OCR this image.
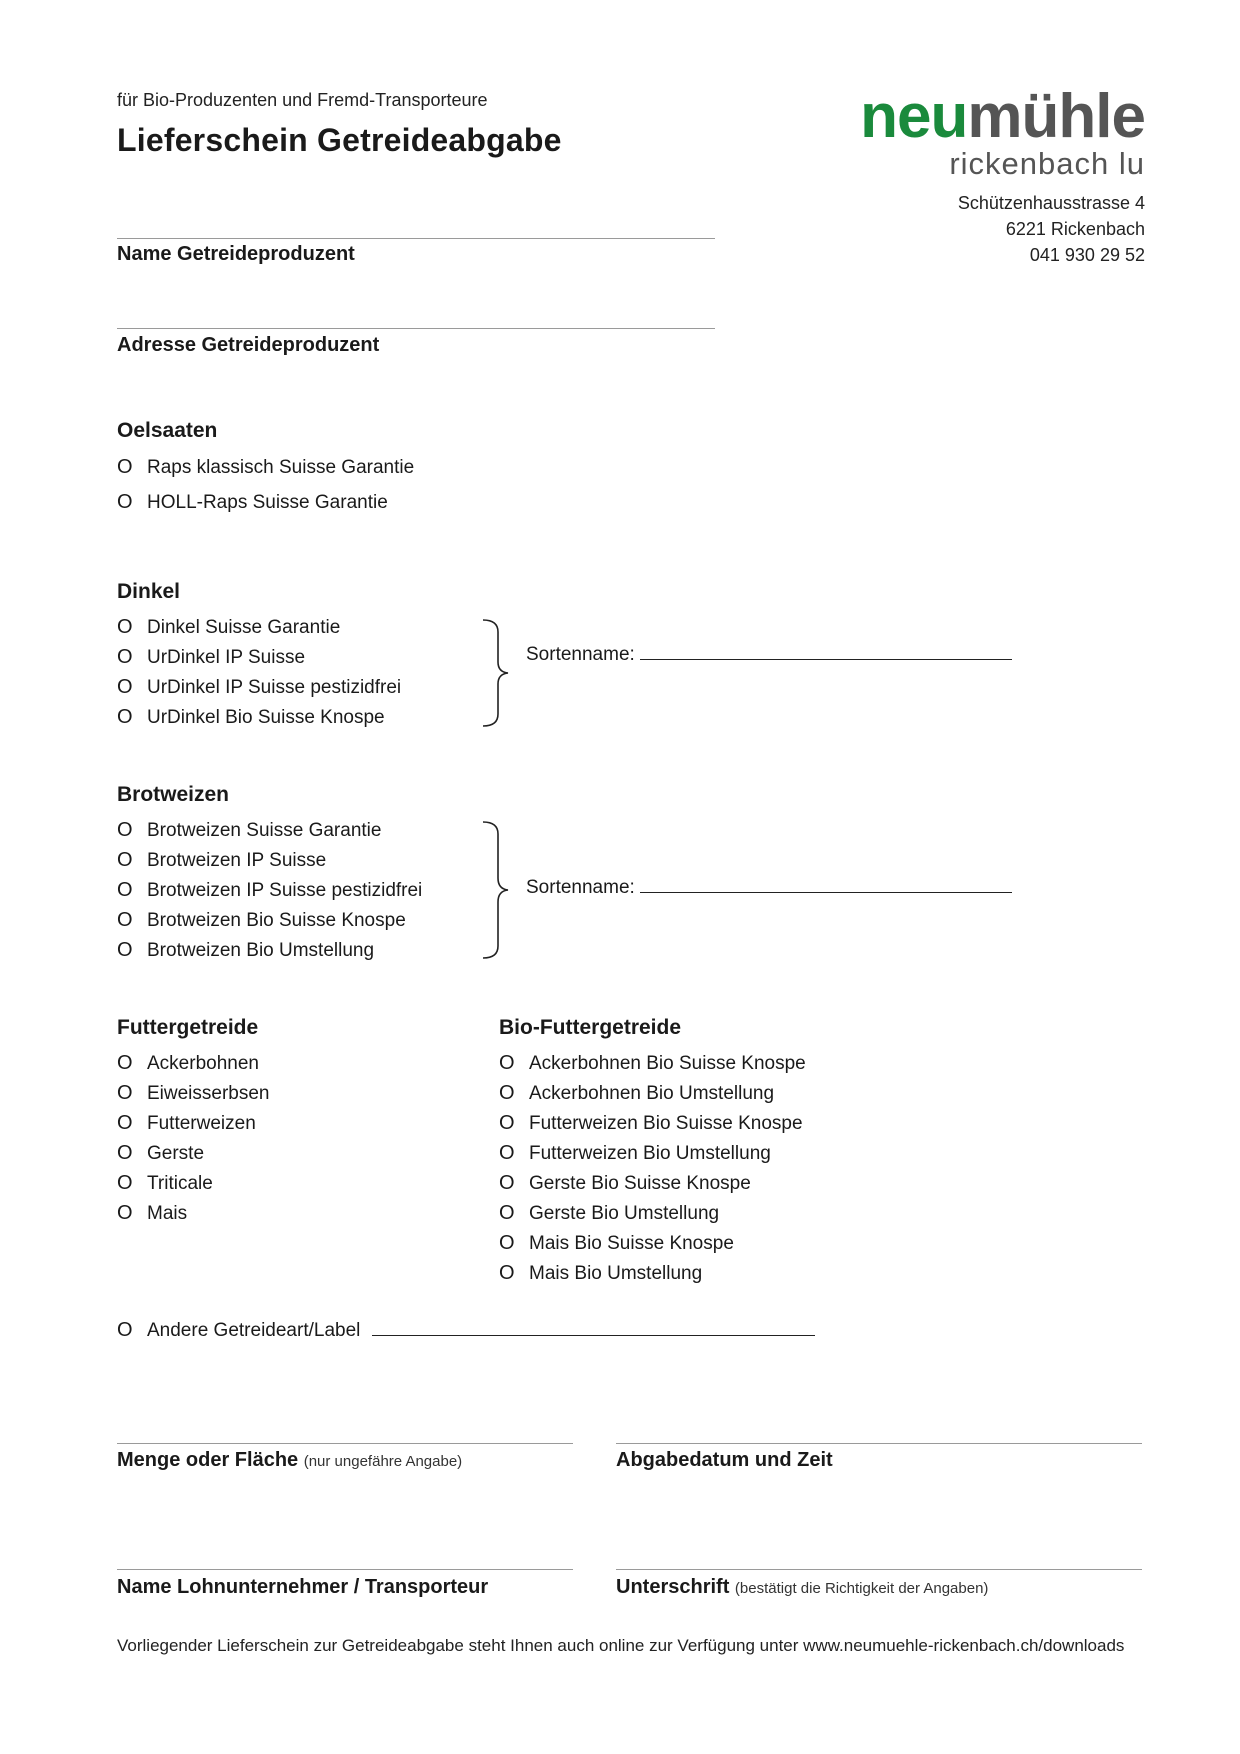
für Bio-Produzenten und Fremd-Transporteure
Lieferschein Getreideabgabe	neumühle
rickenbach lu
Schützenhausstrasse 4
6221 Rickenbach
041 930 29 52
Name Getreideproduzent
Adresse Getreideproduzent
Oelsaaten
O Raps klassisch Suisse Garantie
O HOLL-Raps Suisse Garantie
Dinkel
O Dinkel Suisse Garantie
O UrDinkel IP Suisse
O UrDinkel IP Suisse pestizidfrei
O UrDinkel Bio Suisse Knospe
Sortenname:
Brotweizen
O Brotweizen Suisse Garantie
O Brotweizen IP Suisse
O Brotweizen IP Suisse pestizidfrei
O Brotweizen Bio Suisse Knospe
O Brotweizen Bio Umstellung
Sortenname:
Futtergetreide
O Ackerbohnen
O Eiweisserbsen
O Futterweizen
O Gerste
O Triticale
O Mais
Bio-Futtergetreide
O Ackerbohnen Bio Suisse Knospe
O Ackerbohnen Bio Umstellung
O Futterweizen Bio Suisse Knospe
O Futterweizen Bio Umstellung
O Gerste Bio Suisse Knospe
O Gerste Bio Umstellung
O Mais Bio Suisse Knospe
O Mais Bio Umstellung
O Andere Getreideart/Label
Menge oder Fläche (nur ungefähre Angabe)	Abgabedatum und Zeit
Name Lohnunternehmer / Transporteur	Unterschrift (bestätigt die Richtigkeit der Angaben)
Vorliegender Lieferschein zur Getreideabgabe steht Ihnen auch online zur Verfügung unter www.neumuehle-rickenbach.ch/downloads
